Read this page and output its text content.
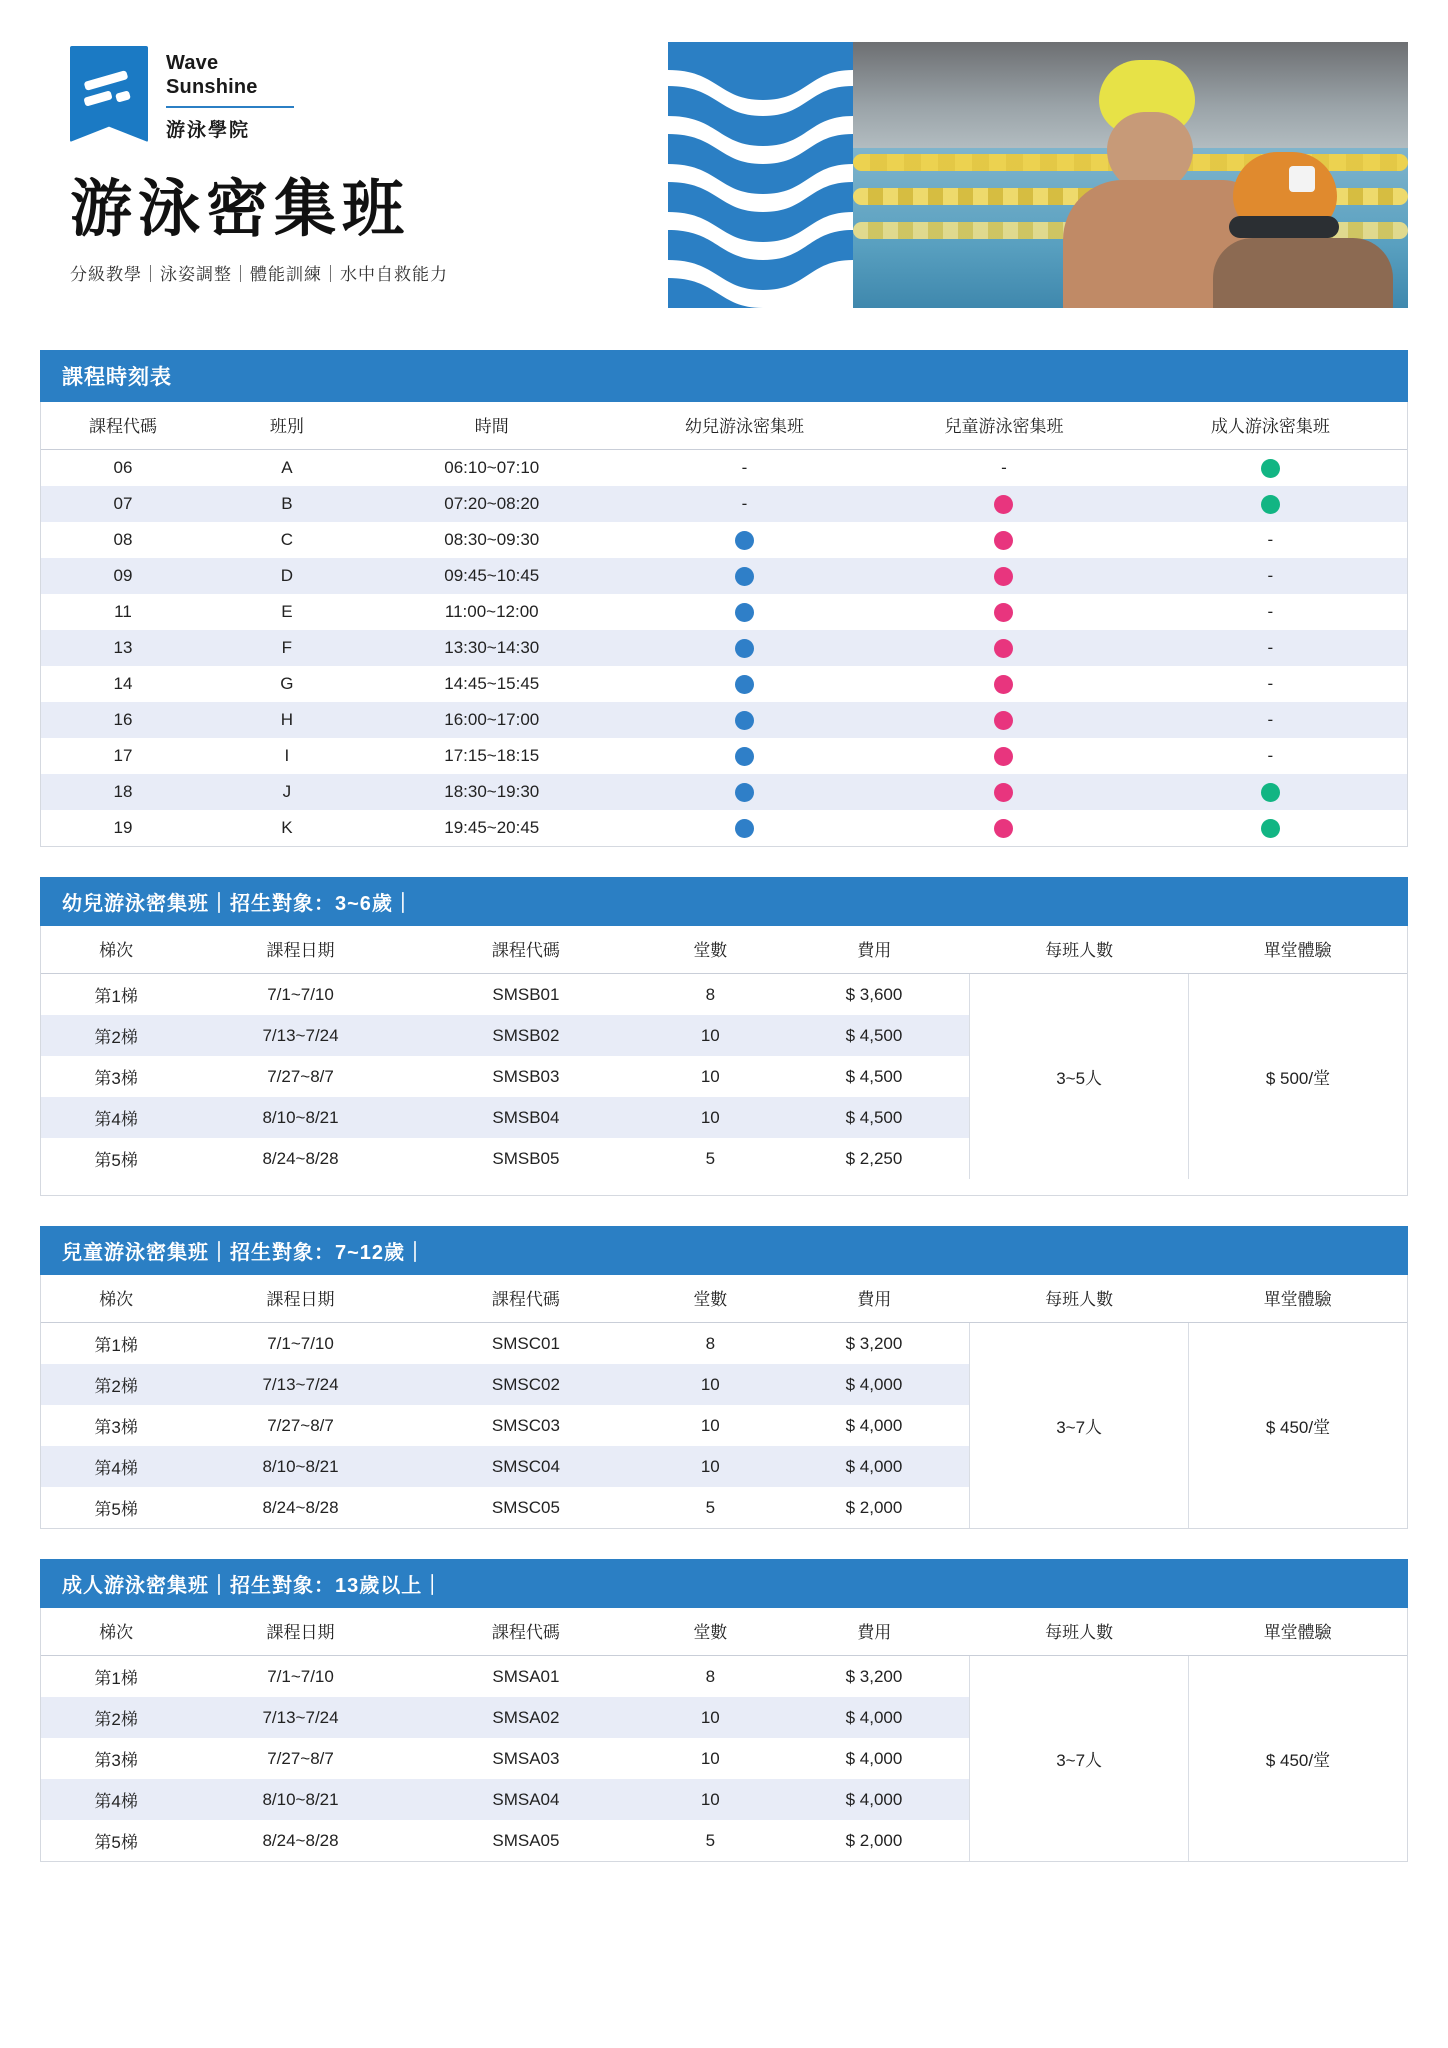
Wave
Sunshine
游泳學院
游泳密集班
分級教學｜泳姿調整｜體能訓練｜水中自救能力
課程時刻表
課程代碼	班別	時間	幼兒游泳密集班	兒童游泳密集班	成人游泳密集班
06	A	06:10~07:10	-	-	
07	B	07:20~08:20	-		
08	C	08:30~09:30			-
09	D	09:45~10:45			-
11	E	11:00~12:00			-
13	F	13:30~14:30			-
14	G	14:45~15:45			-
16	H	16:00~17:00			-
17	I	17:15~18:15			-
18	J	18:30~19:30			
19	K	19:45~20:45			
幼兒游泳密集班｜招生對象：3~6歲｜
梯次	課程日期	課程代碼	堂數	費用	每班人數	單堂體驗
第1梯	7/1~7/10	SMSB01	8	$ 3,600	3~5人	$ 500/堂
第2梯	7/13~7/24	SMSB02	10	$ 4,500		
第3梯	7/27~8/7	SMSB03	10	$ 4,500		
第4梯	8/10~8/21	SMSB04	10	$ 4,500		
第5梯	8/24~8/28	SMSB05	5	$ 2,250		

兒童游泳密集班｜招生對象：7~12歲｜
梯次	課程日期	課程代碼	堂數	費用	每班人數	單堂體驗
第1梯	7/1~7/10	SMSC01	8	$ 3,200	3~7人	$ 450/堂
第2梯	7/13~7/24	SMSC02	10	$ 4,000		
第3梯	7/27~8/7	SMSC03	10	$ 4,000		
第4梯	8/10~8/21	SMSC04	10	$ 4,000		
第5梯	8/24~8/28	SMSC05	5	$ 2,000		
成人游泳密集班｜招生對象：13歲以上｜
梯次	課程日期	課程代碼	堂數	費用	每班人數	單堂體驗
第1梯	7/1~7/10	SMSA01	8	$ 3,200	3~7人	$ 450/堂
第2梯	7/13~7/24	SMSA02	10	$ 4,000		
第3梯	7/27~8/7	SMSA03	10	$ 4,000		
第4梯	8/10~8/21	SMSA04	10	$ 4,000		
第5梯	8/24~8/28	SMSA05	5	$ 2,000		
